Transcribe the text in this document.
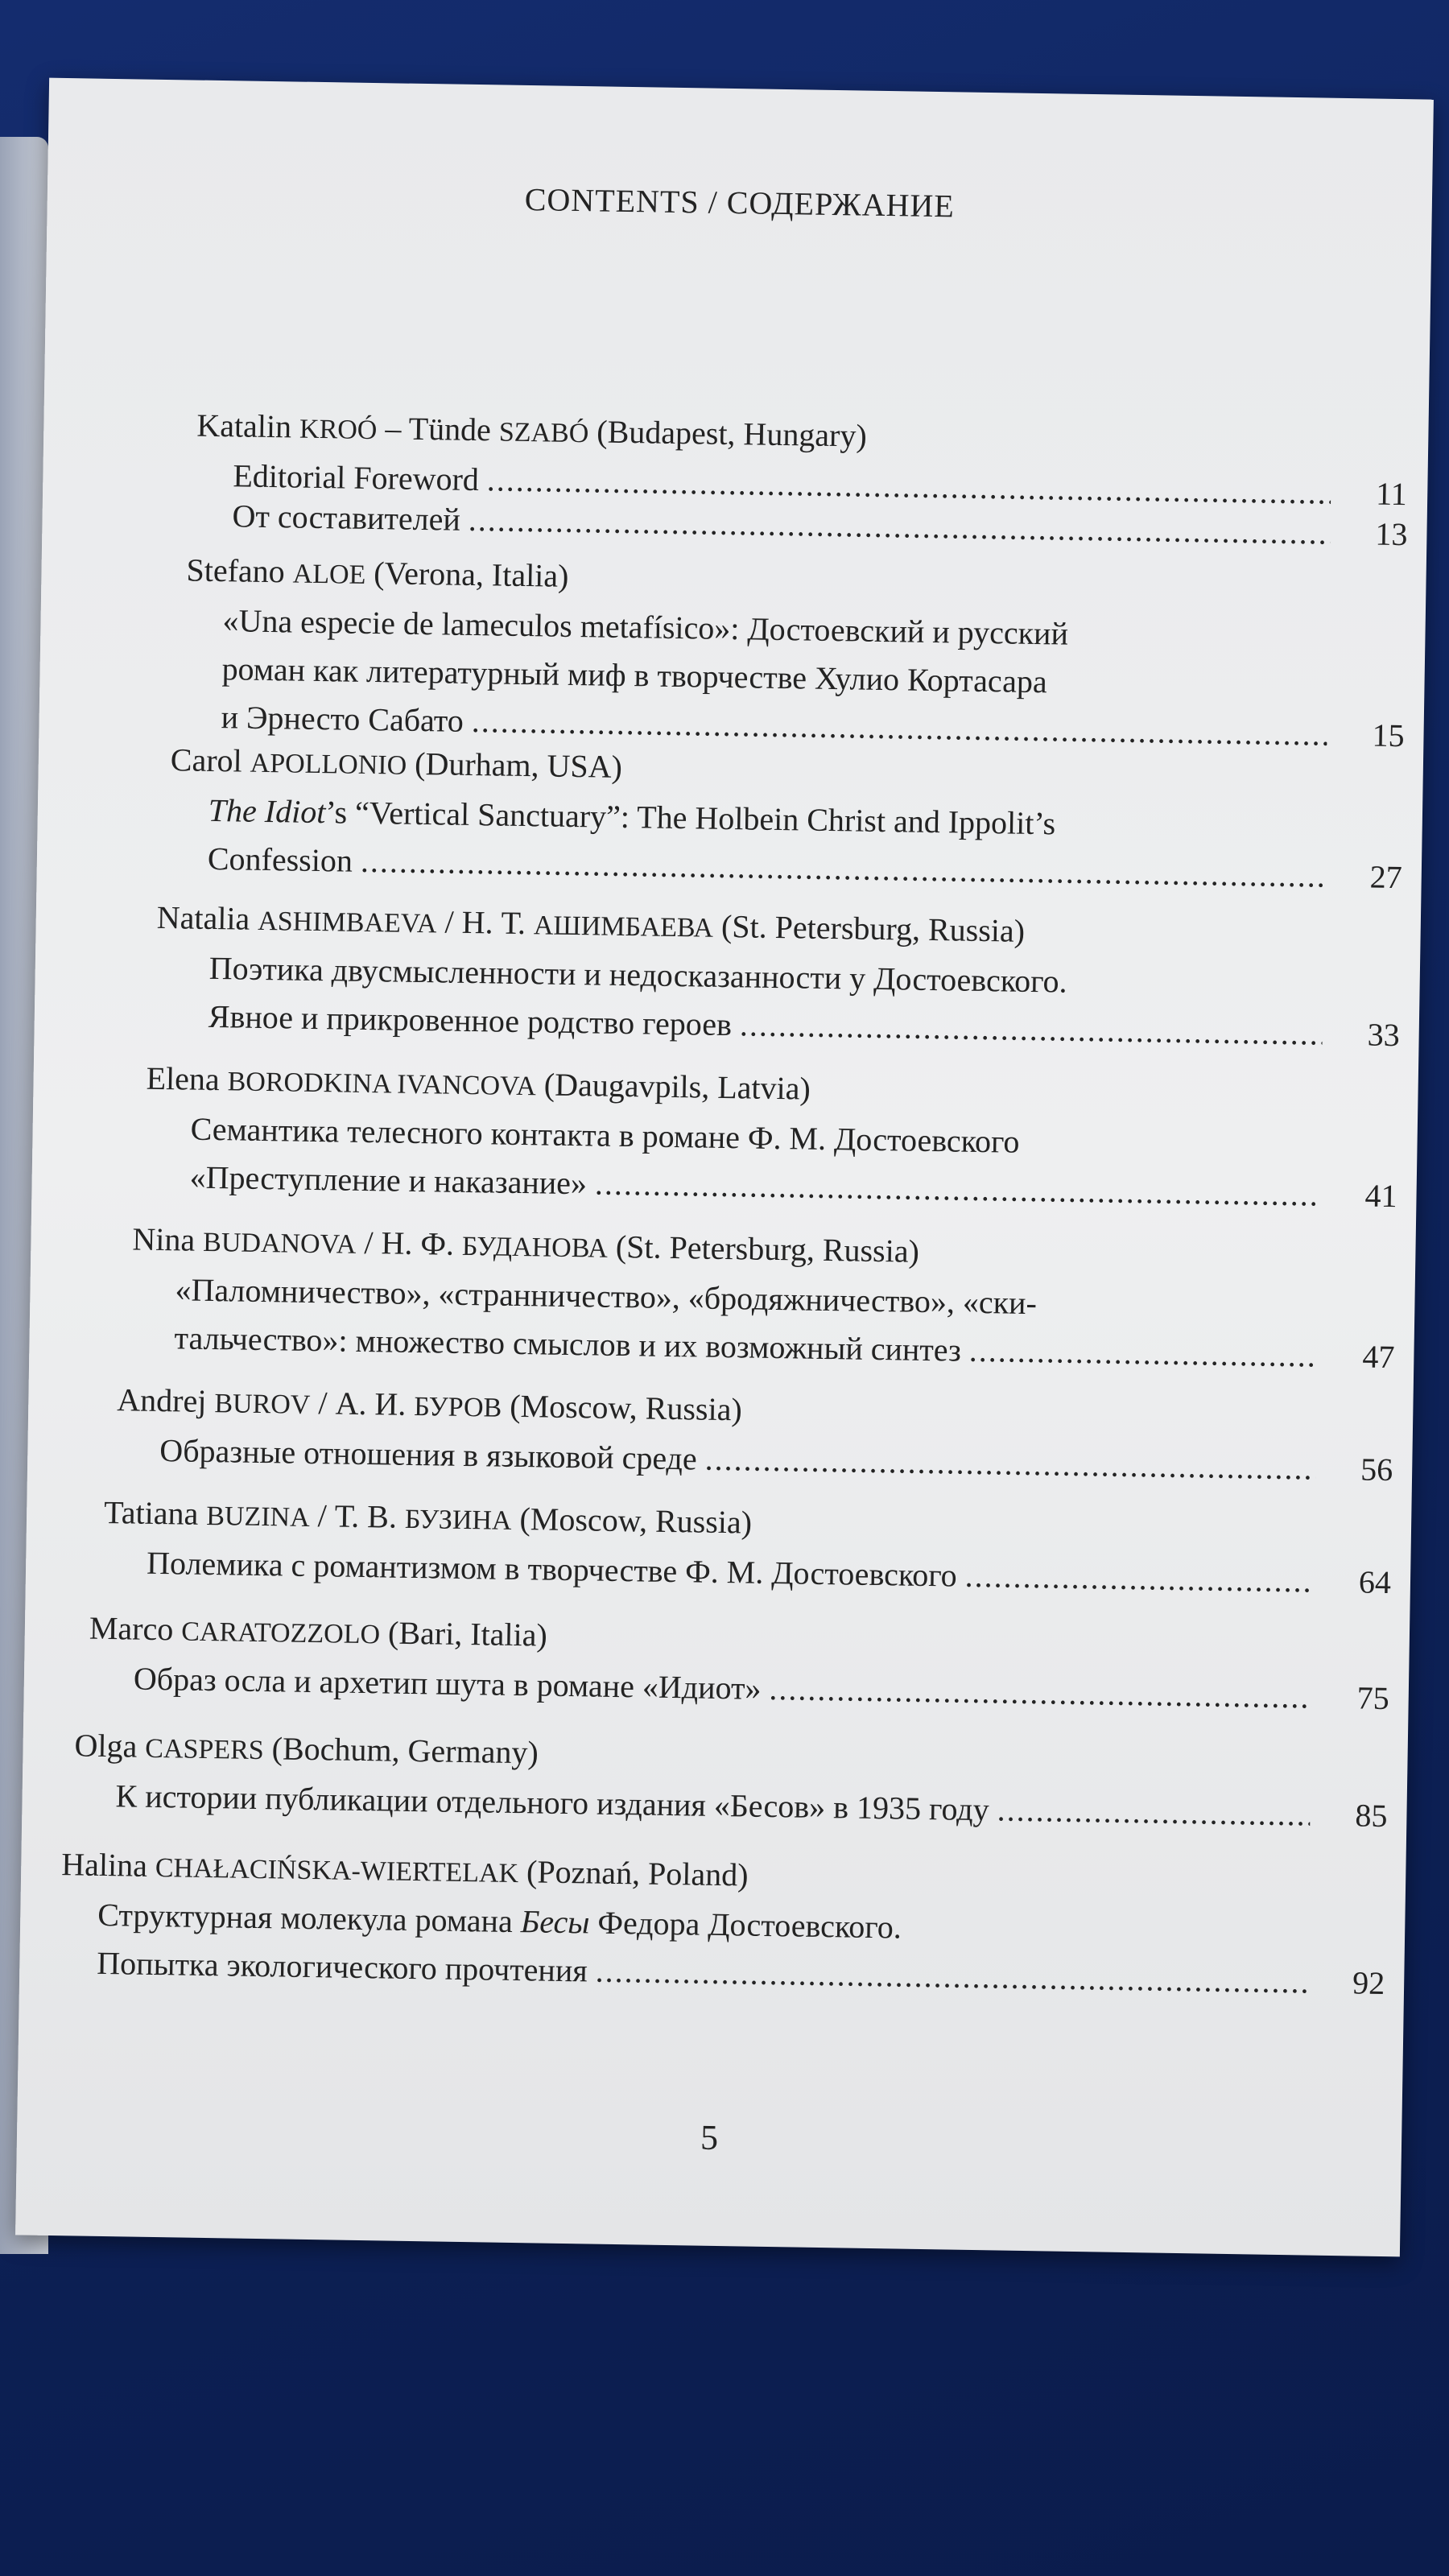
CONTENTS / СОДЕРЖАНИЕ
Katalin KROÓ – Tünde SZABÓ (Budapest, Hungary)
Editorial Foreword .....	11
От составителей .....	13
Stefano ALOE (Verona, Italia)
«Una especie de lameculos metafísico»: Достоевский и русский
роман как литературный миф в творчестве Хулио Кортасара
и Эрнесто Сабато .....	15
Carol APOLLONIO (Durham, USA)
The Idiot’s “Vertical Sanctuary”: The Holbein Christ and Ippolit’s
Confession .....	27
Natalia ASHIMBAEVA / Н. Т. АШИМБАЕВА (St. Petersburg, Russia)
Поэтика двусмысленности и недосказанности у Достоевского.
Явное и прикровенное родство героев .....	33
Elena BORODKINA IVANCOVA (Daugavpils, Latvia)
Семантика телесного контакта в романе Ф. М. Достоевского
«Преступление и наказание» .....	41
Nina BUDANOVA / Н. Ф. БУДАНОВА (St. Petersburg, Russia)
«Паломничество», «странничество», «бродяжничество», «ски-
тальчество»: множество смыслов и их возможный синтез .....	47
Andrej BUROV / А. И. БУРОВ (Moscow, Russia)
Образные отношения в языковой среде .....	56
Tatiana BUZINA / Т. В. БУЗИНА (Moscow, Russia)
Полемика с романтизмом в творчестве Ф. М. Достоевского .....	64
Marco CARATOZZOLO (Bari, Italia)
Образ осла и архетип шута в романе «Идиот» .....	75
Olga CASPERS (Bochum, Germany)
К истории публикации отдельного издания «Бесов» в 1935 году .....	85
Halina CHAŁACIŃSKA-WIERTELAK (Poznań, Poland)
Структурная молекула романа Бесы Федора Достоевского.
Попытка экологического прочтения .....	92
5
